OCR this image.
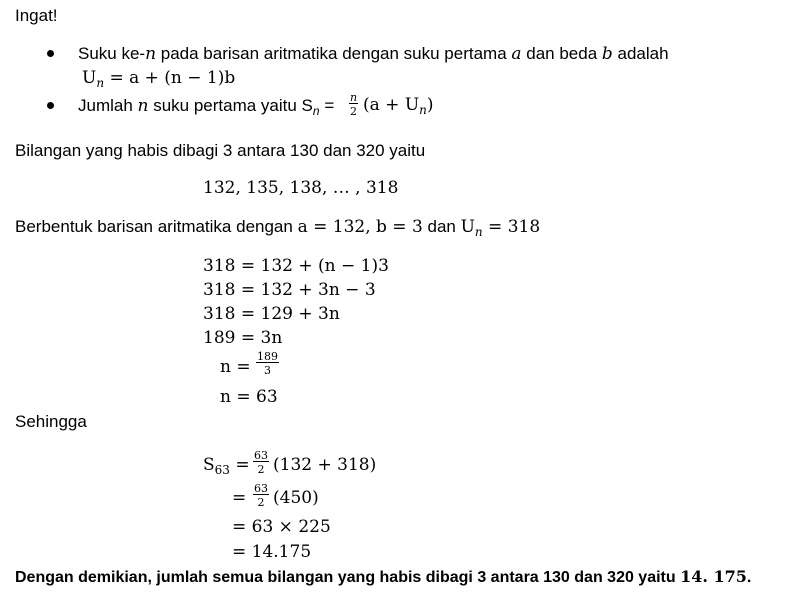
Ingat!
Suku ke-n pada barisan aritmatika dengan suku pertama a dan beda b adalah
$U_n = a + (n - 1)b$
Jumlah n suku pertama yaitu $S_n = \frac{n}{2} (a + U_n)$
Bilangan yang habis dibagi 3 antara 130 dan 320 yaitu
132, 135, 138, … , 318
Berbentuk barisan aritmatika dengan a = 132, b = 3 dan $U_n = 318$
318 = 132 + (n − 1)3
318 = 132 + 3n − 3
318 = 129 + 3n
189 = 3n
$n = \frac{189}{3}$
n = 63
Sehingga
$S_{63} = \frac{63}{2} (132 + 318)$
= $\frac{63}{2} (450)$
= 63 × 225
= 14.175
Dengan demikian, jumlah semua bilangan yang habis dibagi 3 antara 130 dan 320 yaitu 14. 175.
